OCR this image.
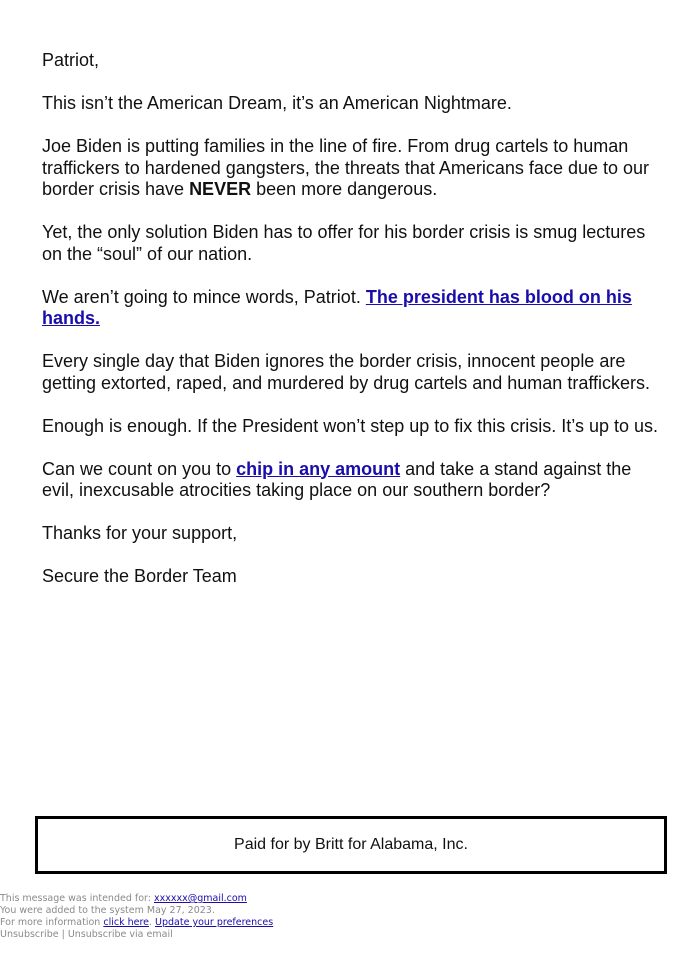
Patriot,

This isn’t the American Dream, it’s an American Nightmare.

Joe Biden is putting families in the line of fire. From drug cartels to human traffickers to hardened gangsters, the threats that Americans face due to our border crisis have NEVER been more dangerous.

Yet, the only solution Biden has to offer for his border crisis is smug lectures on the “soul” of our nation.

We aren’t going to mince words, Patriot. The president has blood on his hands.

Every single day that Biden ignores the border crisis, innocent people are getting extorted, raped, and murdered by drug cartels and human traffickers.

Enough is enough. If the President won’t step up to fix this crisis. It’s up to us.

Can we count on you to chip in any amount and take a stand against the evil, inexcusable atrocities taking place on our southern border?

Thanks for your support,

Secure the Border Team

Paid for by Britt for Alabama, Inc.
This message was intended for: xxxxxx@gmail.com
You were added to the system May 27, 2023.
For more information click here. Update your preferences
Unsubscribe | Unsubscribe via email
